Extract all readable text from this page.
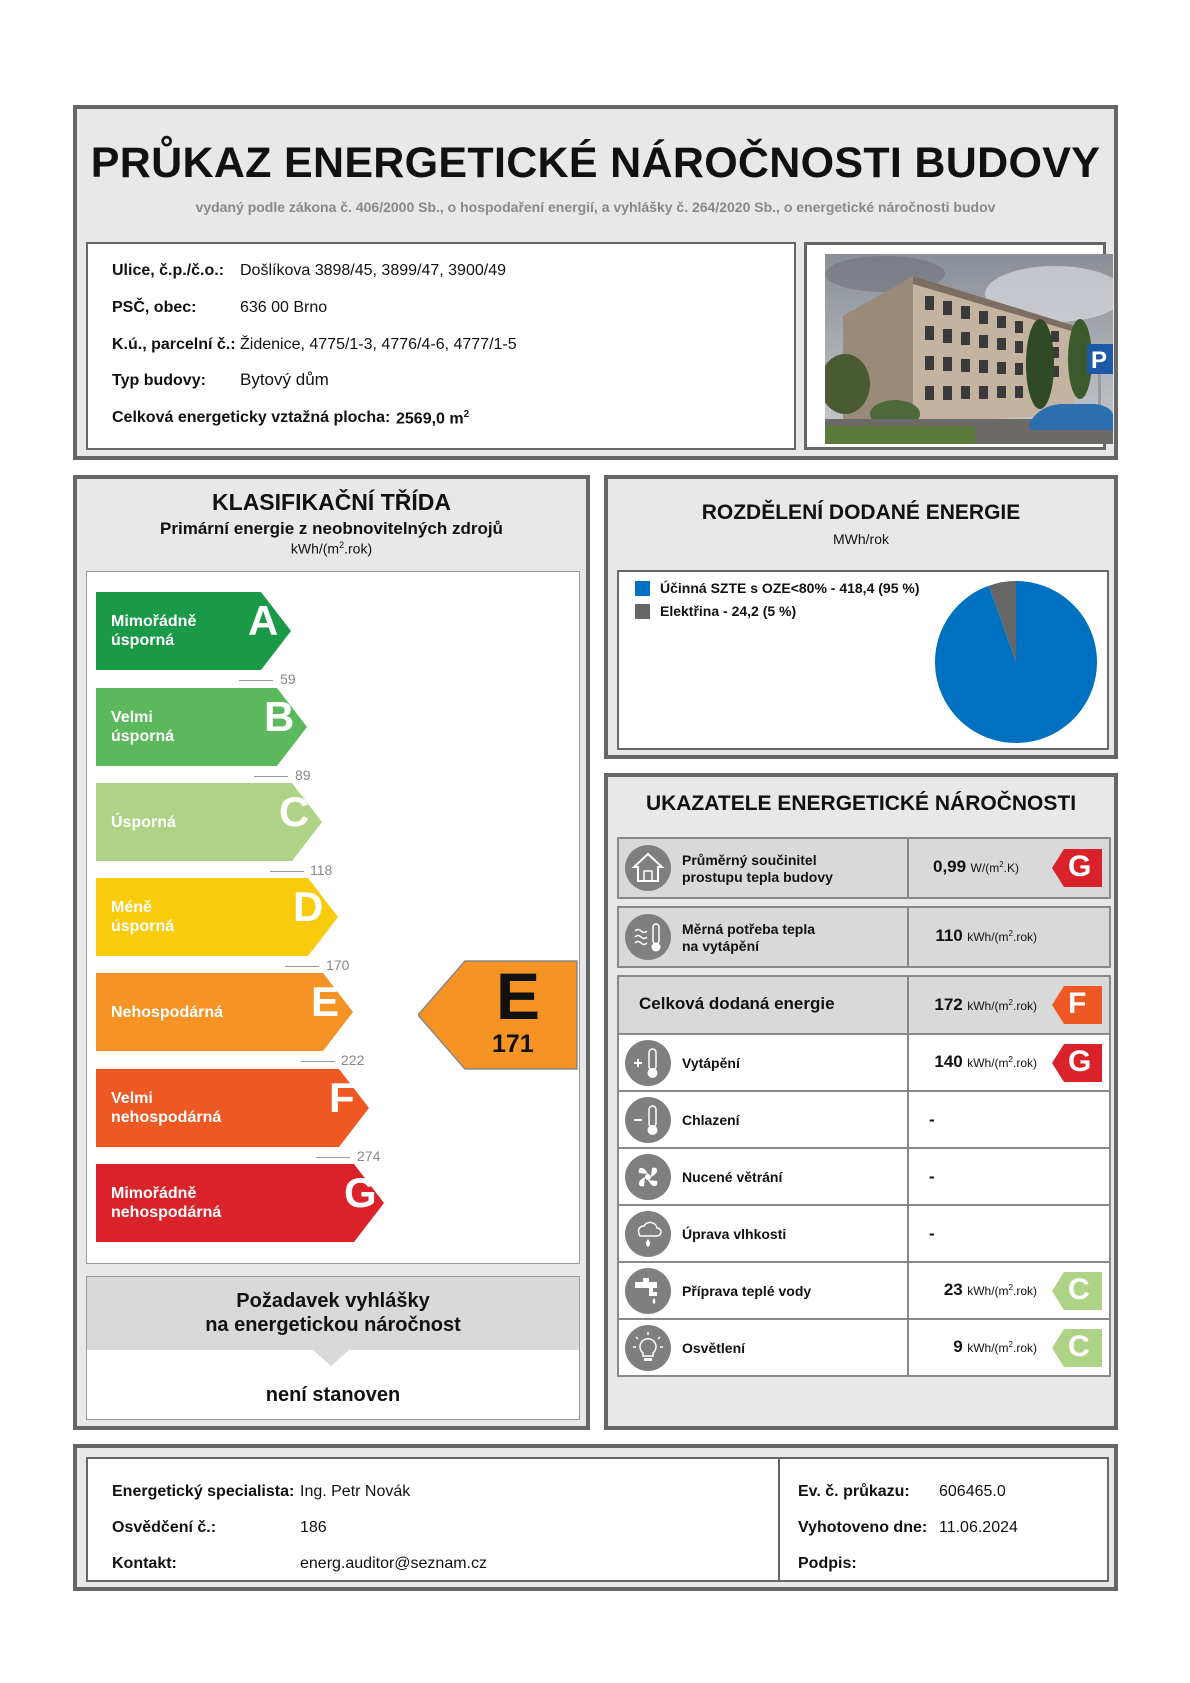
PRŮKAZ ENERGETICKÉ NÁROČNOSTI BUDOVY
vydaný podle zákona č. 406/2000 Sb., o hospodaření energií, a vyhlášky č. 264/2020 Sb., o energetické náročnosti budov
Ulice, č.p./č.o.: Došlíkova 3898/45, 3899/47, 3900/49
PSČ, obec:	636 00 Brno
K.ú., parcelní č.: Židenice, 4775/1-3, 4776/4-6, 4777/1-5
Typ budovy: Bytový dům
Celková energeticky vztažná plocha: 2569,0 $m^2$
P
KLASIFIKAČNÍ TŘÍDA
Primární energie z neobnovitelných zdrojů
kWh/$(m^2.rok)$
Mimořádně
úsporná	A
Velmi
úsporná B
Úsporná C
Méně úsporná	D
Nehospodárná E
Velmi
nehospodárná	F
Mimořádně
nehospodárná	G
59
89
118
170
222
274
E
171
Požadavek vyhlášky
na energetickou náročnost
není stanoven
ROZDĚLENÍ DODANÉ ENERGIE
MWh/rok
Účinná SZTE s OZE<80% - 418,4 (95 %)
Elektřina - 24,2 (5 %)
UKAZATELE ENERGETICKÉ NÁROČNOSTI
Průměrný součinitel
prostupu tepla budovy
0,99 $W/(m^2.K)$ G
Měrná potřeba tepla
na vytápění
110 kWh/$(m^2.rok)$
Celková dodaná energie	172 kWh/$(m^2.rok)$ F
Vytápění	140 kWh/$(m^2.rok)$ G
Chlazení	-
Nucené větrání	-
Úprava vlhkosti	-
Příprava teplé vody	23 kWh/$(m^2.rok)$ C
Osvětlení	9 kWh/$(m^2.rok)$ C
Energetický specialista: Ing. Petr Novák
Osvědčení č.:	186
Kontakt:	energ.auditor@seznam.cz
Ev. č. průkazu: 606465.0
Vyhotoveno dne: 11.06.2024
Podpis:
